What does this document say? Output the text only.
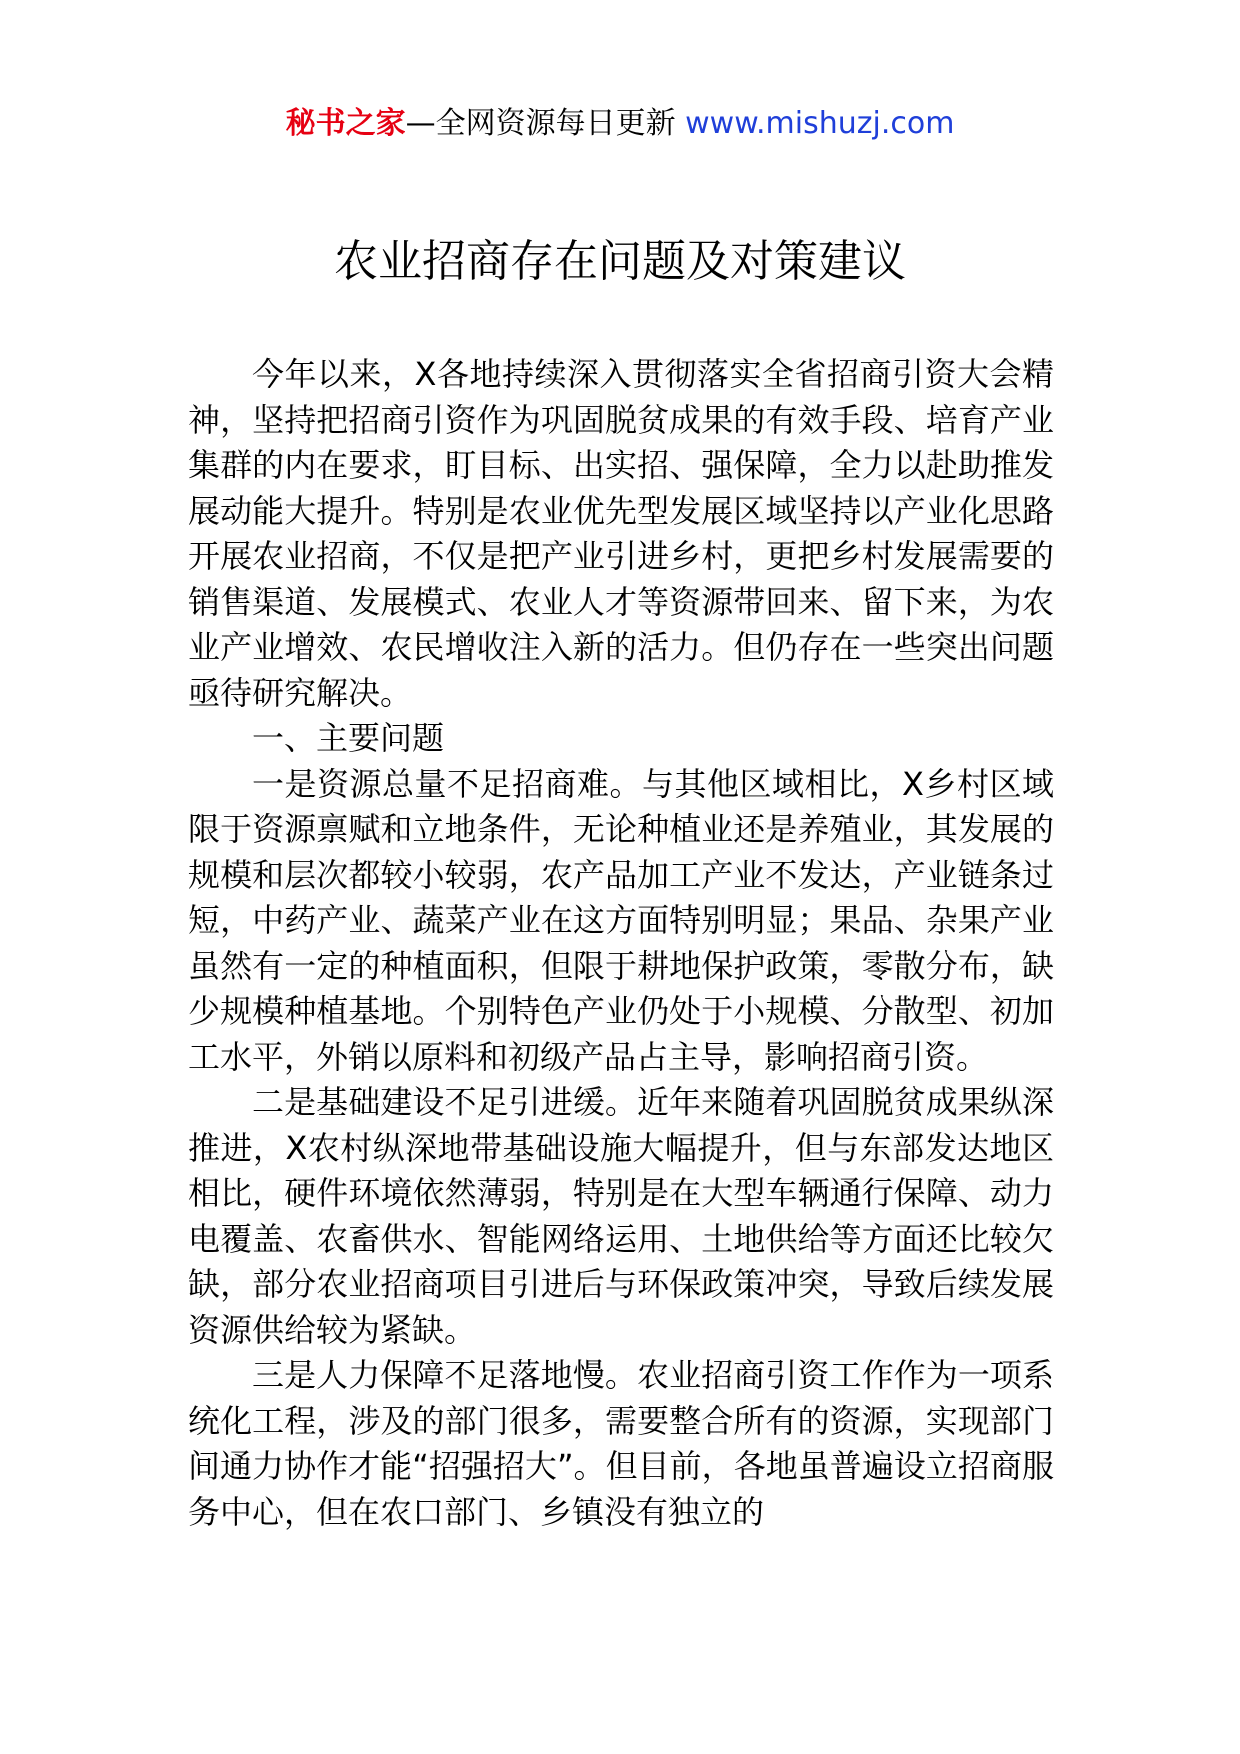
秘书之家—全网资源每日更新 www.mishuzj.com
农业招商存在问题及对策建议

今年以来，X各地持续深入贯彻落实全省招商引资大会精神，坚持把招商引资作为巩固脱贫成果的有效手段、培育产业集群的内在要求，盯目标、出实招、强保障，全力以赴助推发展动能大提升。特别是农业优先型发展区域坚持以产业化思路开展农业招商，不仅是把产业引进乡村，更把乡村发展需要的销售渠道、发展模式、农业人才等资源带回来、留下来，为农业产业增效、农民增收注入新的活力。但仍存在一些突出问题亟待研究解决。

一、主要问题

一是资源总量不足招商难。与其他区域相比，X乡村区域限于资源禀赋和立地条件，无论种植业还是养殖业，其发展的规模和层次都较小较弱，农产品加工产业不发达，产业链条过短，中药产业、蔬菜产业在这方面特别明显；果品、杂果产业虽然有一定的种植面积，但限于耕地保护政策，零散分布，缺少规模种植基地。个别特色产业仍处于小规模、分散型、初加工水平，外销以原料和初级产品占主导，影响招商引资。

二是基础建设不足引进缓。近年来随着巩固脱贫成果纵深推进，X农村纵深地带基础设施大幅提升，但与东部发达地区相比，硬件环境依然薄弱，特别是在大型车辆通行保障、动力电覆盖、农畜供水、智能网络运用、土地供给等方面还比较欠缺，部分农业招商项目引进后与环保政策冲突，导致后续发展资源供给较为紧缺。

三是人力保障不足落地慢。农业招商引资工作作为一项系统化工程，涉及的部门很多，需要整合所有的资源，实现部门间通力协作才能“招强招大”。但目前，各地虽普遍设立招商服务中心，但在农口部门、乡镇没有独立的
